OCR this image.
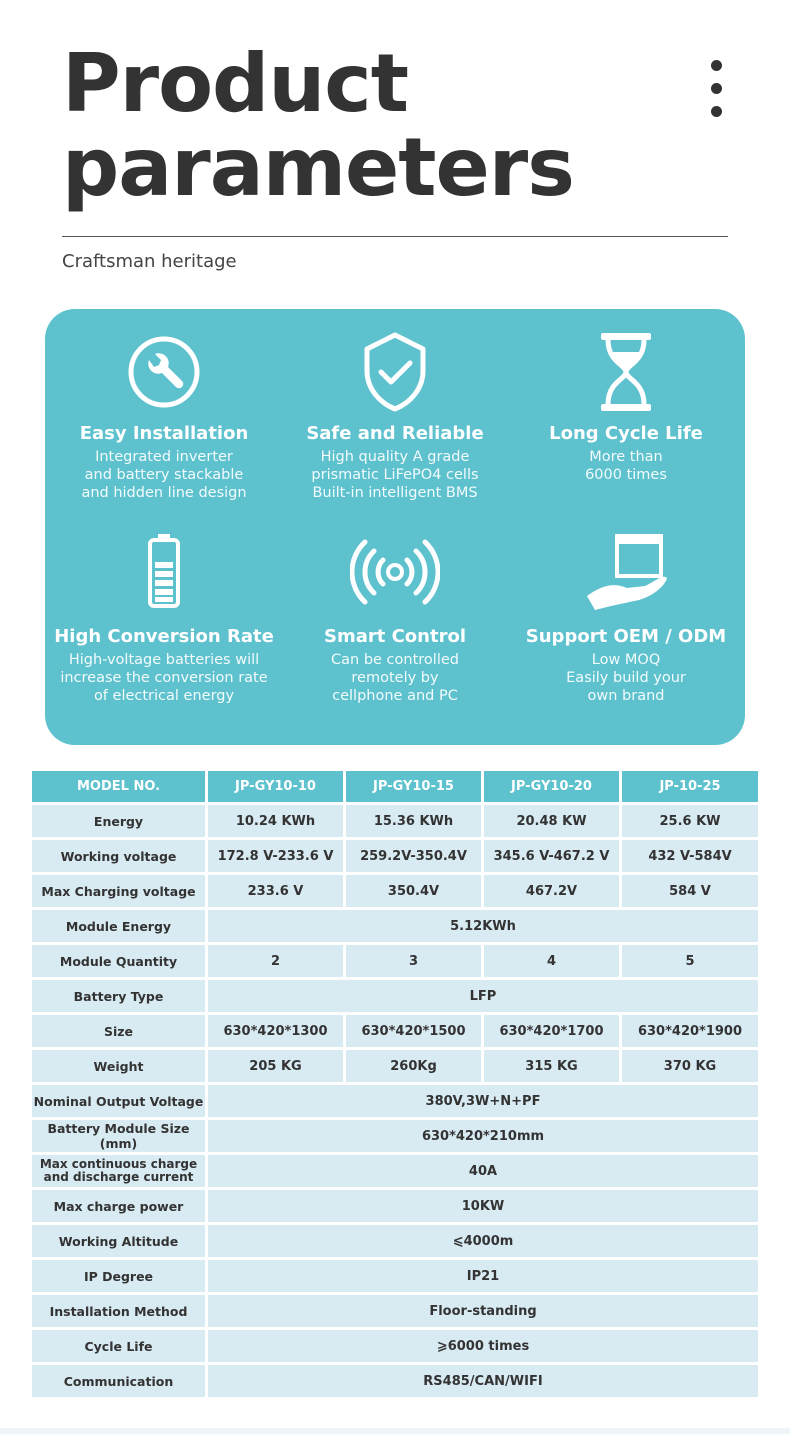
Product
parameters
Craftsman heritage
Easy Installation

Integrated inverter
and battery stackable
and hidden line design

Safe and Reliable

High quality A grade
prismatic LiFePO4 cells
Built-in intelligent BMS

Long Cycle Life

More than
6000 times

High Conversion Rate

High-voltage batteries will
increase the conversion rate
of electrical energy

Smart Control

Can be controlled
remotely by
cellphone and PC

Support OEM / ODM

Low MOQ
Easily build your
own brand

MODEL NO.	JP-GY10-10	JP-GY10-15	JP-GY10-20	JP-10-25
Energy	10.24 KWh	15.36 KWh	20.48 KW	25.6 KW
Working voltage	172.8 V-233.6 V	259.2V-350.4V	345.6 V-467.2 V	432 V-584V
Max Charging voltage	233.6 V	350.4V	467.2V	584 V
Module Energy	5.12KWh			
Module Quantity	2	3	4	5
Battery Type	LFP			
Size	630*420*1300	630*420*1500	630*420*1700	630*420*1900
Weight	205 KG	260Kg	315 KG	370 KG
Nominal Output Voltage	380V,3W+N+PF			
Battery Module Size (mm)	630*420*210mm			

Max continuous charge
and discharge current	40A			
Max charge power	10KW			
Working Altitude	⩽4000m			
IP Degree	IP21			
Installation Method	Floor-standing			
Cycle Life	⩾6000 times			
Communication	RS485/CAN/WIFI			
